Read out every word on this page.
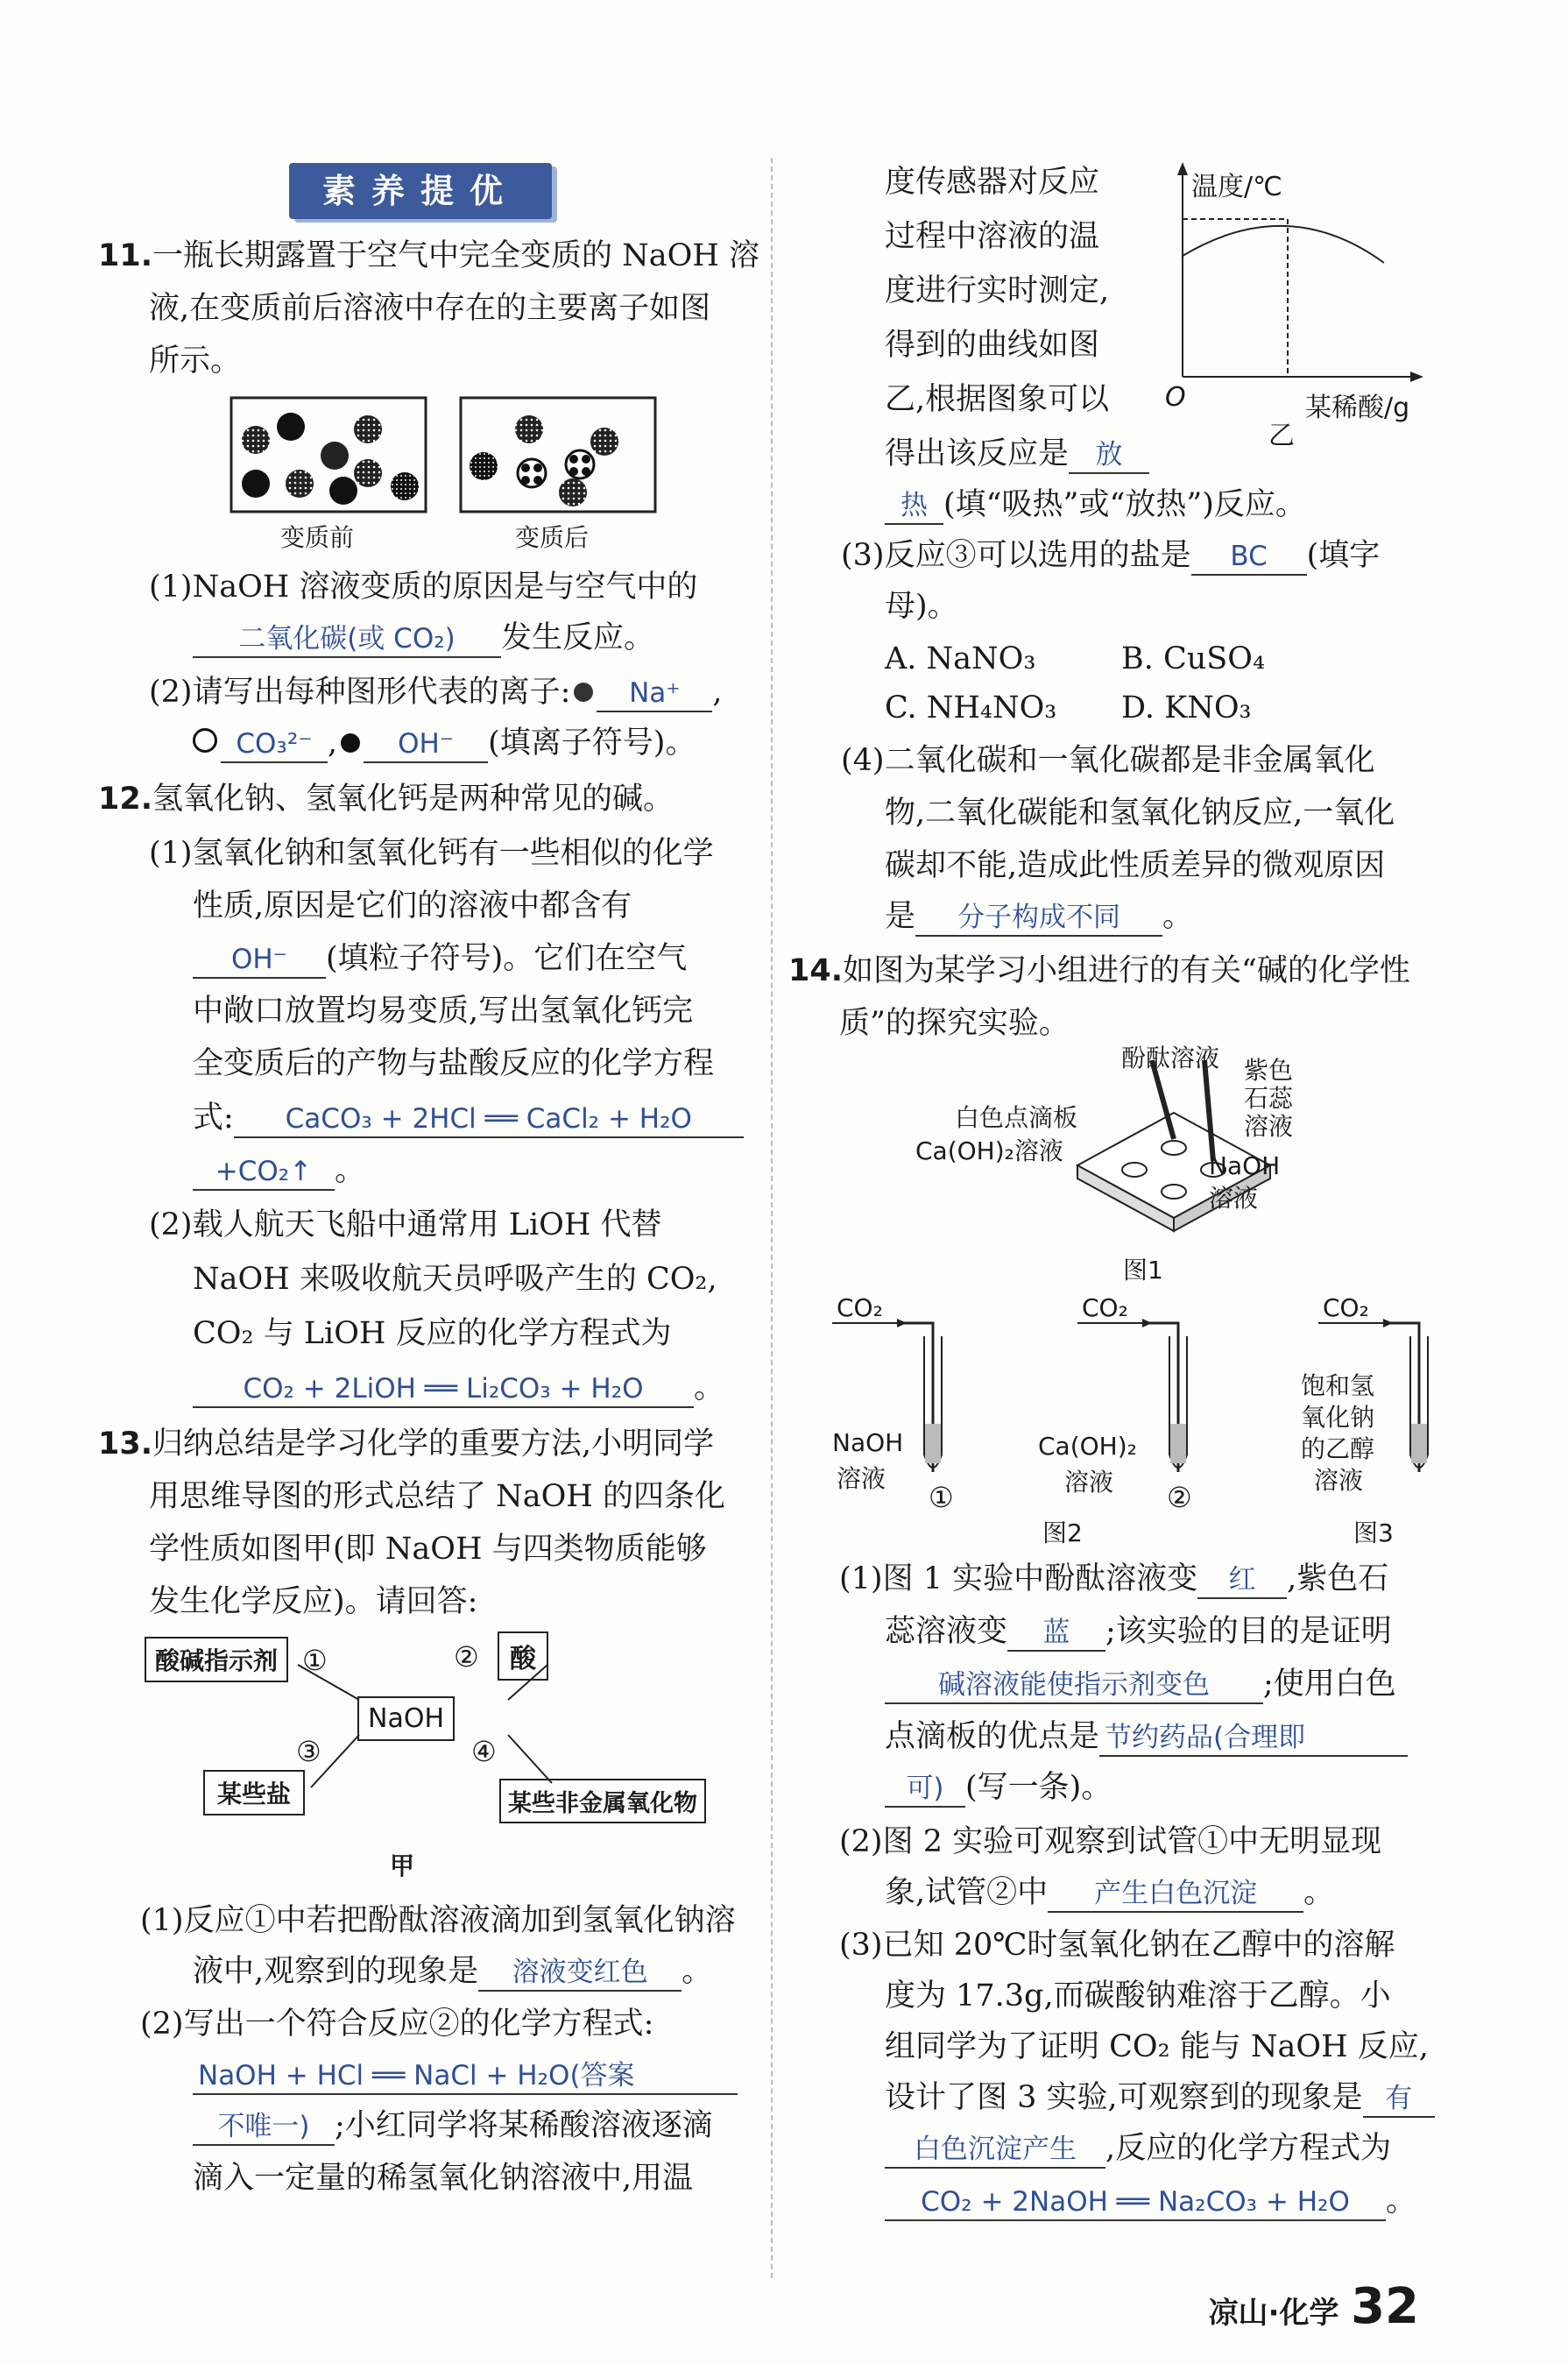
素养提优
11.一瓶长期露置于空气中完全变质的 NaOH 溶
液,在变质前后溶液中存在的主要离子如图
所示。
变质前	变质后
(1)NaOH 溶液变质的原因是与空气中的
二氧化碳(或 CO₂) 发生反应。
(2)请写出每种图形代表的离子: Na⁺ ,
CO₃²⁻ , OH⁻ (填离子符号)。
12.氢氧化钠、氢氧化钙是两种常见的碱。
(1)氢氧化钠和氢氧化钙有一些相似的化学
性质,原因是它们的溶液中都含有
OH⁻ (填粒子符号)。它们在空气
中敞口放置均易变质,写出氢氧化钙完
全变质后的产物与盐酸反应的化学方程
式: CaCO₃ + 2HCl ══ CaCl₂ + H₂O
+CO₂↑ 。
(2)载人航天飞船中通常用 LiOH 代替
NaOH 来吸收航天员呼吸产生的 CO₂,
CO₂ 与 LiOH 反应的化学方程式为
CO₂ + 2LiOH ══ Li₂CO₃ + H₂O 。
13.归纳总结是学习化学的重要方法,小明同学
用思维导图的形式总结了 NaOH 的四条化
学性质如图甲(即 NaOH 与四类物质能够
发生化学反应)。请回答:
酸碱指示剂 ①	②	酸
NaOH
③	④
某些盐	某些非金属氧化物
甲
(1)反应①中若把酚酞溶液滴加到氢氧化钠溶
液中,观察到的现象是 溶液变红色 。
(2)写出一个符合反应②的化学方程式:
NaOH + HCl ══ NaCl + H₂O(答案
不唯一) ;小红同学将某稀酸溶液逐滴
滴入一定量的稀氢氧化钠溶液中,用温
度传感器对反应
过程中溶液的温
度进行实时测定,
得到的曲线如图
乙,根据图象可以
得出该反应是 放
热 (填“吸热”或“放热”)反应。
温度/℃
O	某稀酸/g
乙
(3)反应③可以选用的盐是 BC (填字
母)。
A. NaNO₃	B. CuSO₄
C. NH₄NO₃ D. KNO₃
(4)二氧化碳和一氧化碳都是非金属氧化
物,二氧化碳能和氢氧化钠反应,一氧化
碳却不能,造成此性质差异的微观原因
是 分子构成不同 。
14.如图为某学习小组进行的有关“碱的化学性
质”的探究实验。
酚酞溶液 紫色
石蕊
溶液
白色点滴板
Ca(OH)₂溶液
NaOH
溶液
图1
CO₂	CO₂	CO₂
NaOH
溶液
①
Ca(OH)₂
溶液 ②
饱和氢
氧化钠
的乙醇
溶液
图2	图3
(1)图 1 实验中酚酞溶液变 红 ,紫色石
蕊溶液变 蓝 ;该实验的目的是证明
碱溶液能使指示剂变色 ;使用白色
点滴板的优点是 节约药品(合理即
可) (写一条)。
(2)图 2 实验可观察到试管①中无明显现
象,试管②中 产生白色沉淀 。
(3)已知 20℃时氢氧化钠在乙醇中的溶解
度为 17.3g,而碳酸钠难溶于乙醇。小
组同学为了证明 CO₂ 能与 NaOH 反应,
设计了图 3 实验,可观察到的现象是 有
白色沉淀产生 ,反应的化学方程式为
CO₂ + 2NaOH ══ Na₂CO₃ + H₂O 。
凉山·化学 32
